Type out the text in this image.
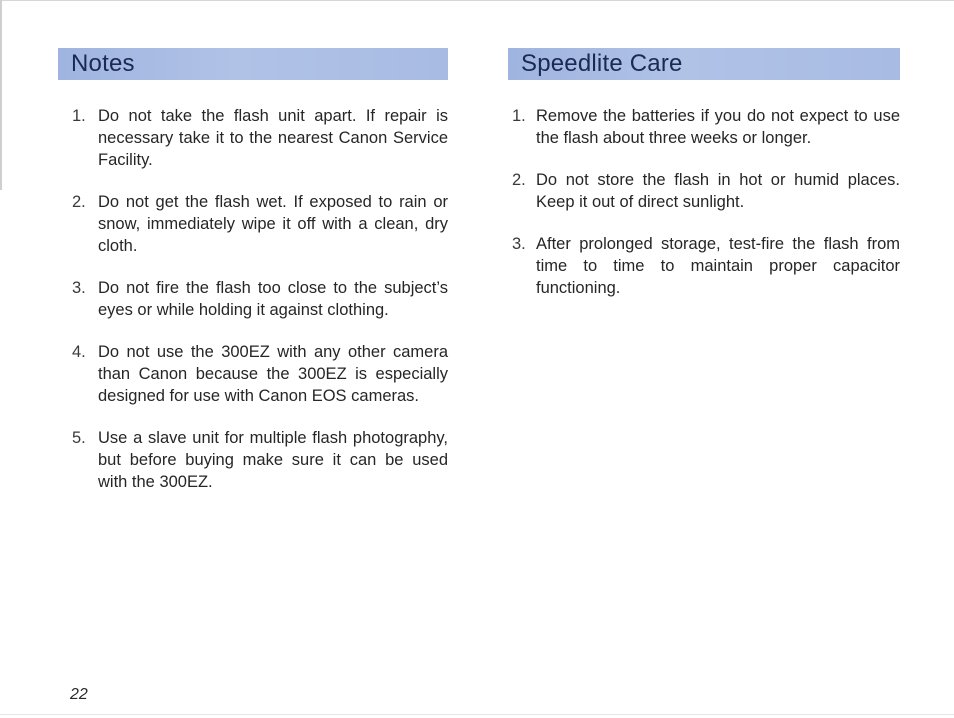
Notes
1. Do not take the flash unit apart. If repair is necessary take it to the nearest Canon Service Facility.
2. Do not get the flash wet. If exposed to rain or snow, immediately wipe it off with a clean, dry cloth.
3. Do not fire the flash too close to the subject’s eyes or while holding it against clothing.
4. Do not use the 300EZ with any other camera than Canon because the 300EZ is especially designed for use with Canon EOS cameras.
5. Use a slave unit for multiple flash photography, but before buying make sure it can be used with the 300EZ.
Speedlite Care
1. Remove the batteries if you do not expect to use the flash about three weeks or longer.
2. Do not store the flash in hot or humid places. Keep it out of direct sunlight.
3. After prolonged storage, test-fire the flash from time to time to maintain proper capacitor functioning.
22
